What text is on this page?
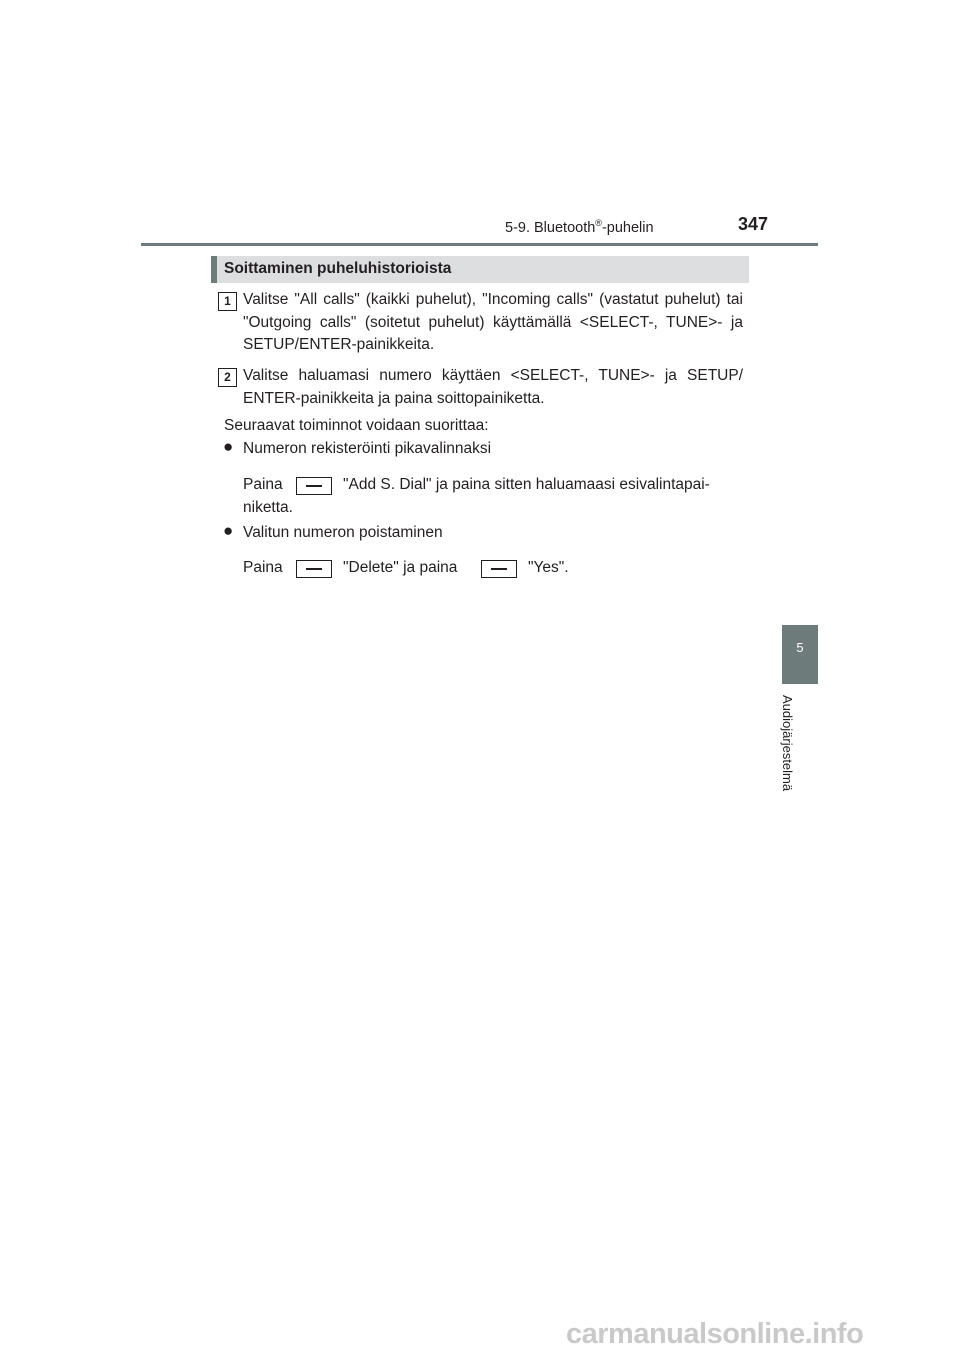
5-9. Bluetooth®-puhelin	347
Soittaminen puheluhistorioista
1 Valitse "All calls" (kaikki puhelut), "Incoming calls" (vastatut puhelut) tai "Outgoing calls" (soitetut puhelut) käyttämällä <SELECT-, TUNE>- ja SETUP/ENTER-painikkeita.
2 Valitse haluamasi numero käyttäen <SELECT-, TUNE>- ja SETUP/ ENTER-painikkeita ja paina soittopainiketta.
Seuraavat toiminnot voidaan suorittaa:
● Numeron rekisteröinti pikavalinnaksi
Paina	"Add S. Dial" ja paina sitten haluamaasi esivalintapai-
niketta.
● Valitun numeron poistaminen
Paina	"Delete" ja paina	"Yes".
5
Audiojärjestelmä
carmanualsonline.info
